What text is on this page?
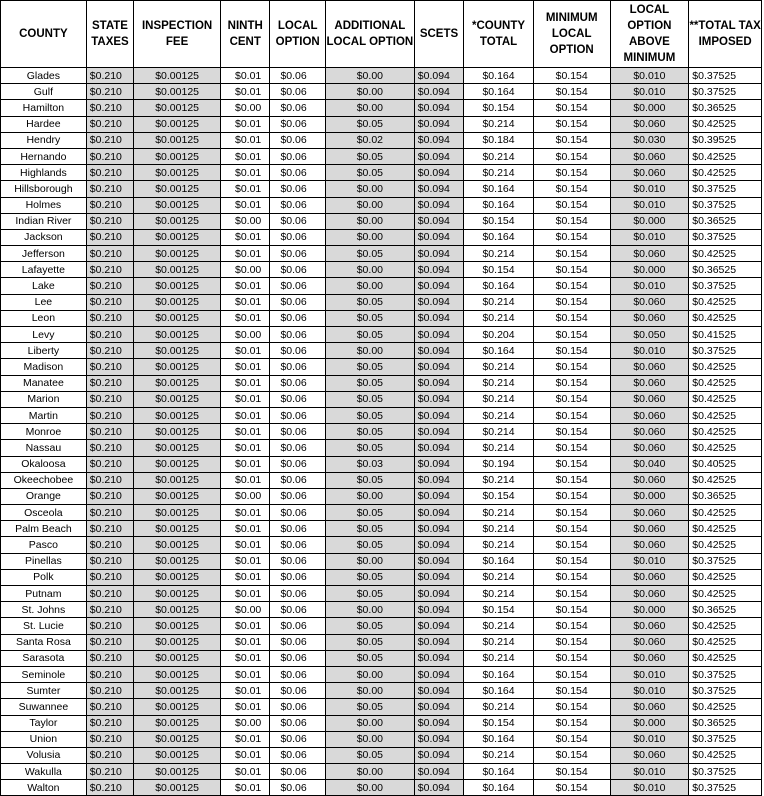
COUNTY	STATE TAXES	INSPECTION FEE	NINTH CENT	LOCAL OPTION	ADDITIONAL LOCAL OPTION	SCETS	*COUNTY TOTAL	MINIMUM LOCAL OPTION	LOCAL OPTION ABOVE MINIMUM	**TOTAL TAX IMPOSED
Glades	$0.210	$0.00125	$0.01	$0.06	$0.00	$0.094	$0.164	$0.154	$0.010	$0.37525
Gulf	$0.210	$0.00125	$0.01	$0.06	$0.00	$0.094	$0.164	$0.154	$0.010	$0.37525
Hamilton	$0.210	$0.00125	$0.00	$0.06	$0.00	$0.094	$0.154	$0.154	$0.000	$0.36525
Hardee	$0.210	$0.00125	$0.01	$0.06	$0.05	$0.094	$0.214	$0.154	$0.060	$0.42525
Hendry	$0.210	$0.00125	$0.01	$0.06	$0.02	$0.094	$0.184	$0.154	$0.030	$0.39525
Hernando	$0.210	$0.00125	$0.01	$0.06	$0.05	$0.094	$0.214	$0.154	$0.060	$0.42525
Highlands	$0.210	$0.00125	$0.01	$0.06	$0.05	$0.094	$0.214	$0.154	$0.060	$0.42525
Hillsborough	$0.210	$0.00125	$0.01	$0.06	$0.00	$0.094	$0.164	$0.154	$0.010	$0.37525
Holmes	$0.210	$0.00125	$0.01	$0.06	$0.00	$0.094	$0.164	$0.154	$0.010	$0.37525
Indian River	$0.210	$0.00125	$0.00	$0.06	$0.00	$0.094	$0.154	$0.154	$0.000	$0.36525
Jackson	$0.210	$0.00125	$0.01	$0.06	$0.00	$0.094	$0.164	$0.154	$0.010	$0.37525
Jefferson	$0.210	$0.00125	$0.01	$0.06	$0.05	$0.094	$0.214	$0.154	$0.060	$0.42525
Lafayette	$0.210	$0.00125	$0.00	$0.06	$0.00	$0.094	$0.154	$0.154	$0.000	$0.36525
Lake	$0.210	$0.00125	$0.01	$0.06	$0.00	$0.094	$0.164	$0.154	$0.010	$0.37525
Lee	$0.210	$0.00125	$0.01	$0.06	$0.05	$0.094	$0.214	$0.154	$0.060	$0.42525
Leon	$0.210	$0.00125	$0.01	$0.06	$0.05	$0.094	$0.214	$0.154	$0.060	$0.42525
Levy	$0.210	$0.00125	$0.00	$0.06	$0.05	$0.094	$0.204	$0.154	$0.050	$0.41525
Liberty	$0.210	$0.00125	$0.01	$0.06	$0.00	$0.094	$0.164	$0.154	$0.010	$0.37525
Madison	$0.210	$0.00125	$0.01	$0.06	$0.05	$0.094	$0.214	$0.154	$0.060	$0.42525
Manatee	$0.210	$0.00125	$0.01	$0.06	$0.05	$0.094	$0.214	$0.154	$0.060	$0.42525
Marion	$0.210	$0.00125	$0.01	$0.06	$0.05	$0.094	$0.214	$0.154	$0.060	$0.42525
Martin	$0.210	$0.00125	$0.01	$0.06	$0.05	$0.094	$0.214	$0.154	$0.060	$0.42525
Monroe	$0.210	$0.00125	$0.01	$0.06	$0.05	$0.094	$0.214	$0.154	$0.060	$0.42525
Nassau	$0.210	$0.00125	$0.01	$0.06	$0.05	$0.094	$0.214	$0.154	$0.060	$0.42525
Okaloosa	$0.210	$0.00125	$0.01	$0.06	$0.03	$0.094	$0.194	$0.154	$0.040	$0.40525
Okeechobee	$0.210	$0.00125	$0.01	$0.06	$0.05	$0.094	$0.214	$0.154	$0.060	$0.42525
Orange	$0.210	$0.00125	$0.00	$0.06	$0.00	$0.094	$0.154	$0.154	$0.000	$0.36525
Osceola	$0.210	$0.00125	$0.01	$0.06	$0.05	$0.094	$0.214	$0.154	$0.060	$0.42525
Palm Beach	$0.210	$0.00125	$0.01	$0.06	$0.05	$0.094	$0.214	$0.154	$0.060	$0.42525
Pasco	$0.210	$0.00125	$0.01	$0.06	$0.05	$0.094	$0.214	$0.154	$0.060	$0.42525
Pinellas	$0.210	$0.00125	$0.01	$0.06	$0.00	$0.094	$0.164	$0.154	$0.010	$0.37525
Polk	$0.210	$0.00125	$0.01	$0.06	$0.05	$0.094	$0.214	$0.154	$0.060	$0.42525
Putnam	$0.210	$0.00125	$0.01	$0.06	$0.05	$0.094	$0.214	$0.154	$0.060	$0.42525
St. Johns	$0.210	$0.00125	$0.00	$0.06	$0.00	$0.094	$0.154	$0.154	$0.000	$0.36525
St. Lucie	$0.210	$0.00125	$0.01	$0.06	$0.05	$0.094	$0.214	$0.154	$0.060	$0.42525
Santa Rosa	$0.210	$0.00125	$0.01	$0.06	$0.05	$0.094	$0.214	$0.154	$0.060	$0.42525
Sarasota	$0.210	$0.00125	$0.01	$0.06	$0.05	$0.094	$0.214	$0.154	$0.060	$0.42525
Seminole	$0.210	$0.00125	$0.01	$0.06	$0.00	$0.094	$0.164	$0.154	$0.010	$0.37525
Sumter	$0.210	$0.00125	$0.01	$0.06	$0.00	$0.094	$0.164	$0.154	$0.010	$0.37525
Suwannee	$0.210	$0.00125	$0.01	$0.06	$0.05	$0.094	$0.214	$0.154	$0.060	$0.42525
Taylor	$0.210	$0.00125	$0.00	$0.06	$0.00	$0.094	$0.154	$0.154	$0.000	$0.36525
Union	$0.210	$0.00125	$0.01	$0.06	$0.00	$0.094	$0.164	$0.154	$0.010	$0.37525
Volusia	$0.210	$0.00125	$0.01	$0.06	$0.05	$0.094	$0.214	$0.154	$0.060	$0.42525
Wakulla	$0.210	$0.00125	$0.01	$0.06	$0.00	$0.094	$0.164	$0.154	$0.010	$0.37525
Walton	$0.210	$0.00125	$0.01	$0.06	$0.00	$0.094	$0.164	$0.154	$0.010	$0.37525
